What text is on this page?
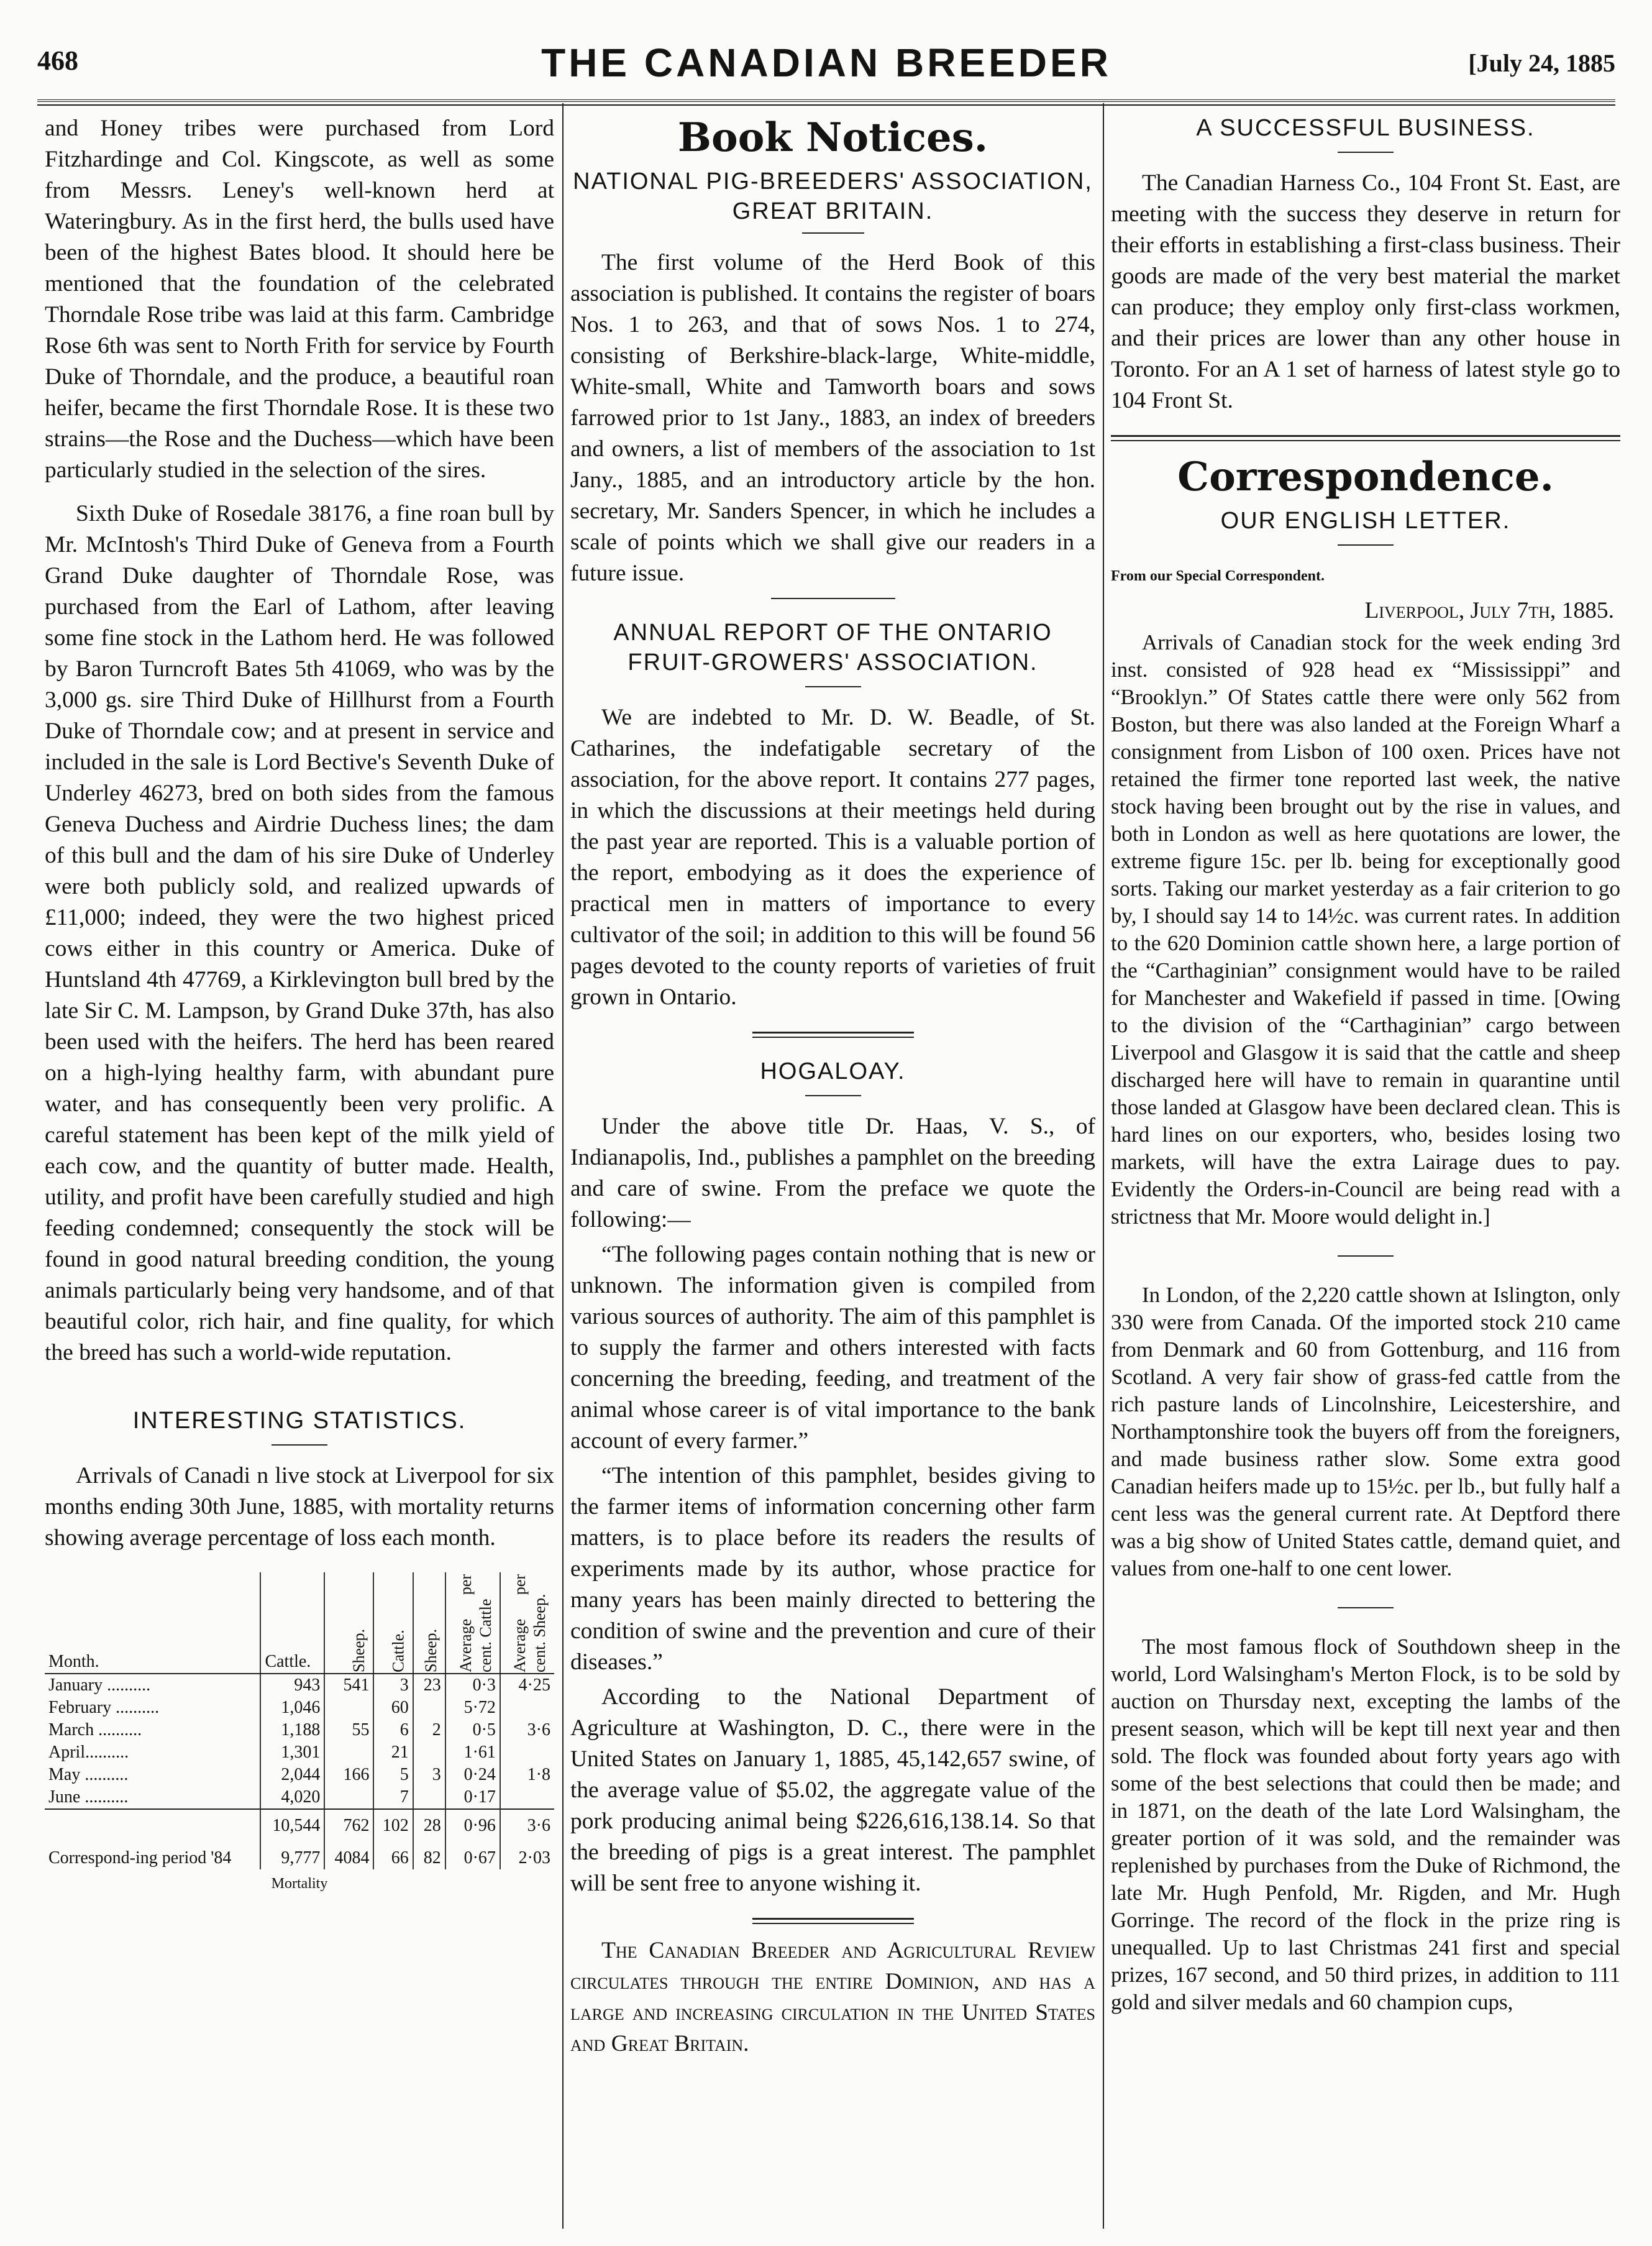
468	THE CANADIAN BREEDER	[July 24, 1885

and Honey tribes were purchased from Lord Fitzhardinge and Col. Kingscote, as well as some from Messrs. Leney's well-known herd at Wateringbury. As in the first herd, the bulls used have been of the highest Bates blood. It should here be mentioned that the foundation of the celebrated Thorndale Rose tribe was laid at this farm. Cambridge Rose 6th was sent to North Frith for service by Fourth Duke of Thorndale, and the produce, a beautiful roan heifer, became the first Thorndale Rose. It is these two strains—the Rose and the Duchess—which have been particularly studied in the selection of the sires.

Sixth Duke of Rosedale 38176, a fine roan bull by Mr. McIntosh's Third Duke of Geneva from a Fourth Grand Duke daughter of Thorndale Rose, was purchased from the Earl of Lathom, after leaving some fine stock in the Lathom herd. He was followed by Baron Turncroft Bates 5th 41069, who was by the 3,000 gs. sire Third Duke of Hillhurst from a Fourth Duke of Thorndale cow; and at present in service and included in the sale is Lord Bective's Seventh Duke of Underley 46273, bred on both sides from the famous Geneva Duchess and Airdrie Duchess lines; the dam of this bull and the dam of his sire Duke of Underley were both publicly sold, and realized upwards of £11,000; indeed, they were the two highest priced cows either in this country or America. Duke of Huntsland 4th 47769, a Kirklevington bull bred by the late Sir C. M. Lampson, by Grand Duke 37th, has also been used with the heifers. The herd has been reared on a high-lying healthy farm, with abundant pure water, and has consequently been very prolific. A careful statement has been kept of the milk yield of each cow, and the quantity of butter made. Health, utility, and profit have been carefully studied and high feeding condemned; consequently the stock will be found in good natural breeding condition, the young animals particularly being very handsome, and of that beautiful color, rich hair, and fine quality, for which the breed has such a world-wide reputation.

INTERESTING STATISTICS.

Arrivals of Canadi n live stock at Liverpool for six months ending 30th June, 1885, with mortality returns showing average percentage of loss each month.

Month.	Cattle.	Sheep.	Cattle.	Sheep.	Average per cent. Cattle	Average per cent. Sheep.
January ..........	943	541	3	23	0·3	4·25
February ..........	1,046		60		5·72	
March ..........	1,188	55	6	2	0·5	3·6
April..........	1,301		21		1·61	
May ..........	2,044	166	5	3	0·24	1·8
June ..........	4,020		7		0·17	
	10,544	762	102	28	0·96	3·6
Correspond-ing period '84	9,777	4084	66	82	0·67	2·03
Mortality
Book Notices.
NATIONAL PIG-BREEDERS' ASSOCIATION, GREAT BRITAIN.

The first volume of the Herd Book of this association is published. It contains the register of boars Nos. 1 to 263, and that of sows Nos. 1 to 274, consisting of Berkshire-black-large, White-middle, White-small, White and Tamworth boars and sows farrowed prior to 1st Jany., 1883, an index of breeders and owners, a list of members of the association to 1st Jany., 1885, and an introductory article by the hon. secretary, Mr. Sanders Spencer, in which he includes a scale of points which we shall give our readers in a future issue.

ANNUAL REPORT OF THE ONTARIO FRUIT-GROWERS' ASSOCIATION.

We are indebted to Mr. D. W. Beadle, of St. Catharines, the indefatigable secretary of the association, for the above report. It contains 277 pages, in which the discussions at their meetings held during the past year are reported. This is a valuable portion of the report, embodying as it does the experience of practical men in matters of importance to every cultivator of the soil; in addition to this will be found 56 pages devoted to the county reports of varieties of fruit grown in Ontario.

HOGALOAY.

Under the above title Dr. Haas, V. S., of Indianapolis, Ind., publishes a pamphlet on the breeding and care of swine. From the preface we quote the following:—

“The following pages contain nothing that is new or unknown. The information given is compiled from various sources of authority. The aim of this pamphlet is to supply the farmer and others interested with facts concerning the breeding, feeding, and treatment of the animal whose career is of vital importance to the bank account of every farmer.”

“The intention of this pamphlet, besides giving to the farmer items of information concerning other farm matters, is to place before its readers the results of experiments made by its author, whose practice for many years has been mainly directed to bettering the condition of swine and the prevention and cure of their diseases.”

According to the National Department of Agriculture at Washington, D. C., there were in the United States on January 1, 1885, 45,142,657 swine, of the average value of $5.02, the aggregate value of the pork producing animal being $226,616,138.14. So that the breeding of pigs is a great interest. The pamphlet will be sent free to anyone wishing it.

The Canadian Breeder and Agricultural Review circulates through the entire Dominion, and has a large and increasing circulation in the United States and Great Britain.

A SUCCESSFUL BUSINESS.

The Canadian Harness Co., 104 Front St. East, are meeting with the success they deserve in return for their efforts in establishing a first-class business. Their goods are made of the very best material the market can produce; they employ only first-class workmen, and their prices are lower than any other house in Toronto. For an A 1 set of harness of latest style go to 104 Front St.

Correspondence.
OUR ENGLISH LETTER.
From our Special Correspondent.
Liverpool, July 7th, 1885.

Arrivals of Canadian stock for the week ending 3rd inst. consisted of 928 head ex “Mississippi” and “Brooklyn.” Of States cattle there were only 562 from Boston, but there was also landed at the Foreign Wharf a consignment from Lisbon of 100 oxen. Prices have not retained the firmer tone reported last week, the native stock having been brought out by the rise in values, and both in London as well as here quotations are lower, the extreme figure 15c. per lb. being for exceptionally good sorts. Taking our market yesterday as a fair criterion to go by, I should say 14 to 14½c. was current rates. In addition to the 620 Dominion cattle shown here, a large portion of the “Carthaginian” consignment would have to be railed for Manchester and Wakefield if passed in time. [Owing to the division of the “Carthaginian” cargo between Liverpool and Glasgow it is said that the cattle and sheep discharged here will have to remain in quarantine until those landed at Glasgow have been declared clean. This is hard lines on our exporters, who, besides losing two markets, will have the extra Lairage dues to pay. Evidently the Orders-in-Council are being read with a strictness that Mr. Moore would delight in.]

In London, of the 2,220 cattle shown at Islington, only 330 were from Canada. Of the imported stock 210 came from Denmark and 60 from Gottenburg, and 116 from Scotland. A very fair show of grass-fed cattle from the rich pasture lands of Lincolnshire, Leicestershire, and Northamptonshire took the buyers off from the foreigners, and made business rather slow. Some extra good Canadian heifers made up to 15½c. per lb., but fully half a cent less was the general current rate. At Deptford there was a big show of United States cattle, demand quiet, and values from one-half to one cent lower.

The most famous flock of Southdown sheep in the world, Lord Walsingham's Merton Flock, is to be sold by auction on Thursday next, excepting the lambs of the present season, which will be kept till next year and then sold. The flock was founded about forty years ago with some of the best selections that could then be made; and in 1871, on the death of the late Lord Walsingham, the greater portion of it was sold, and the remainder was replenished by purchases from the Duke of Richmond, the late Mr. Hugh Penfold, Mr. Rigden, and Mr. Hugh Gorringe. The record of the flock in the prize ring is unequalled. Up to last Christmas 241 first and special prizes, 167 second, and 50 third prizes, in addition to 111 gold and silver medals and 60 champion cups,
